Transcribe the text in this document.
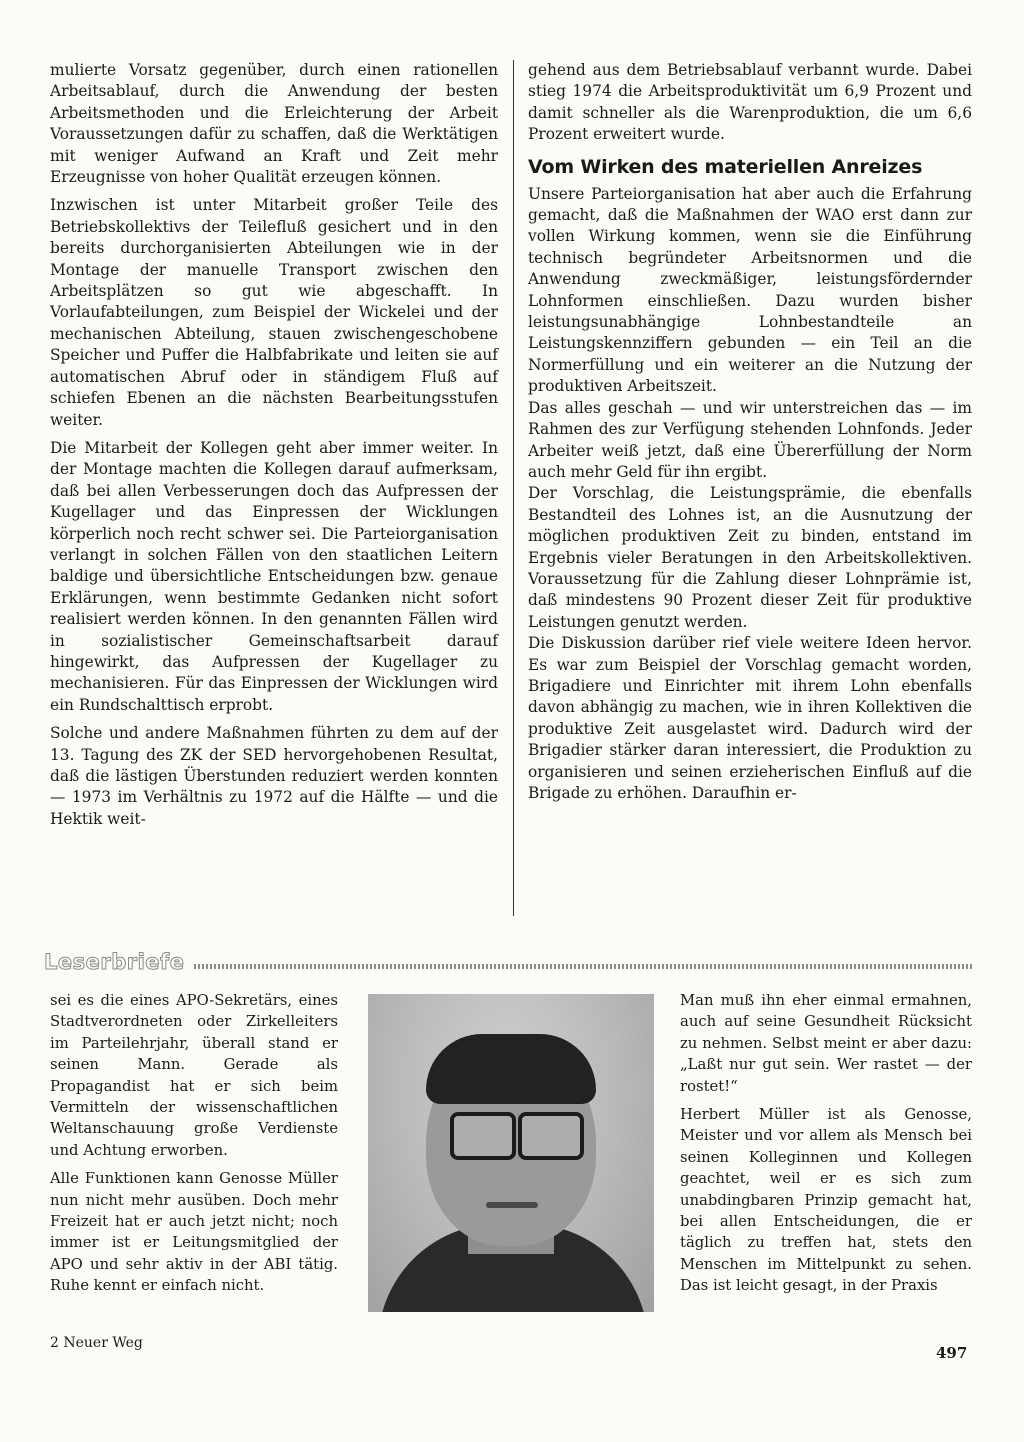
mulierte Vorsatz gegenüber, durch einen rationellen Arbeitsablauf, durch die Anwendung der besten Arbeitsmethoden und die Erleichterung der Arbeit Voraussetzungen dafür zu schaffen, daß die Werktätigen mit weniger Aufwand an Kraft und Zeit mehr Erzeugnisse von hoher Qualität erzeugen können.

Inzwischen ist unter Mitarbeit großer Teile des Betriebskollektivs der Teilefluß gesichert und in den bereits durchorganisierten Abteilungen wie in der Montage der manuelle Transport zwischen den Arbeitsplätzen so gut wie abgeschafft. In Vorlaufabteilungen, zum Beispiel der Wickelei und der mechanischen Abteilung, stauen zwischengeschobene Speicher und Puffer die Halbfabrikate und leiten sie auf automatischen Abruf oder in ständigem Fluß auf schiefen Ebenen an die nächsten Bearbeitungsstufen weiter.

Die Mitarbeit der Kollegen geht aber immer weiter. In der Montage machten die Kollegen darauf aufmerksam, daß bei allen Verbesserungen doch das Aufpressen der Kugellager und das Einpressen der Wicklungen körperlich noch recht schwer sei. Die Parteiorganisation verlangt in solchen Fällen von den staatlichen Leitern baldige und übersichtliche Entscheidungen bzw. genaue Erklärungen, wenn bestimmte Gedanken nicht sofort realisiert werden können. In den genannten Fällen wird in sozialistischer Gemeinschaftsarbeit darauf hingewirkt, das Aufpressen der Kugellager zu mechanisieren. Für das Einpressen der Wicklungen wird ein Rundschalttisch erprobt.

Solche und andere Maßnahmen führten zu dem auf der 13. Tagung des ZK der SED hervorgehobenen Resultat, daß die lästigen Überstunden reduziert werden konnten — 1973 im Verhältnis zu 1972 auf die Hälfte — und die Hektik weit-

gehend aus dem Betriebsablauf verbannt wurde. Dabei stieg 1974 die Arbeitsproduktivität um 6,9 Prozent und damit schneller als die Warenproduktion, die um 6,6 Prozent erweitert wurde.

Vom Wirken des materiellen Anreizes

Unsere Parteiorganisation hat aber auch die Erfahrung gemacht, daß die Maßnahmen der WAO erst dann zur vollen Wirkung kommen, wenn sie die Einführung technisch begründeter Arbeitsnormen und die Anwendung zweckmäßiger, leistungsfördernder Lohnformen einschließen. Dazu wurden bisher leistungsunabhängige Lohnbestandteile an Leistungskennziffern gebunden — ein Teil an die Normerfüllung und ein weiterer an die Nutzung der produktiven Arbeitszeit.

Das alles geschah — und wir unterstreichen das — im Rahmen des zur Verfügung stehenden Lohnfonds. Jeder Arbeiter weiß jetzt, daß eine Übererfüllung der Norm auch mehr Geld für ihn ergibt.

Der Vorschlag, die Leistungsprämie, die ebenfalls Bestandteil des Lohnes ist, an die Ausnutzung der möglichen produktiven Zeit zu binden, entstand im Ergebnis vieler Beratungen in den Arbeitskollektiven. Voraussetzung für die Zahlung dieser Lohnprämie ist, daß mindestens 90 Prozent dieser Zeit für produktive Leistungen genutzt werden.

Die Diskussion darüber rief viele weitere Ideen hervor. Es war zum Beispiel der Vorschlag gemacht worden, Brigadiere und Einrichter mit ihrem Lohn ebenfalls davon abhängig zu machen, wie in ihren Kollektiven die produktive Zeit ausgelastet wird. Dadurch wird der Brigadier stärker daran interessiert, die Produktion zu organisieren und seinen erzieherischen Einfluß auf die Brigade zu erhöhen. Daraufhin er-

Leserbriefe

sei es die eines APO-Sekretärs, eines Stadtverordneten oder Zirkelleiters im Parteilehrjahr, überall stand er seinen Mann. Gerade als Propagandist hat er sich beim Vermitteln der wissenschaftlichen Weltanschauung große Verdienste und Achtung erworben.

Alle Funktionen kann Genosse Müller nun nicht mehr ausüben. Doch mehr Freizeit hat er auch jetzt nicht; noch immer ist er Leitungsmitglied der APO und sehr aktiv in der ABI tätig. Ruhe kennt er einfach nicht.

Man muß ihn eher einmal ermahnen, auch auf seine Gesundheit Rücksicht zu nehmen. Selbst meint er aber dazu: „Laßt nur gut sein. Wer rastet — der rostet!“

Herbert Müller ist als Genosse, Meister und vor allem als Mensch bei seinen Kolleginnen und Kollegen geachtet, weil er es sich zum unabdingbaren Prinzip gemacht hat, bei allen Entscheidungen, die er täglich zu treffen hat, stets den Menschen im Mittelpunkt zu sehen. Das ist leicht gesagt, in der Praxis

2 Neuer Weg
497
